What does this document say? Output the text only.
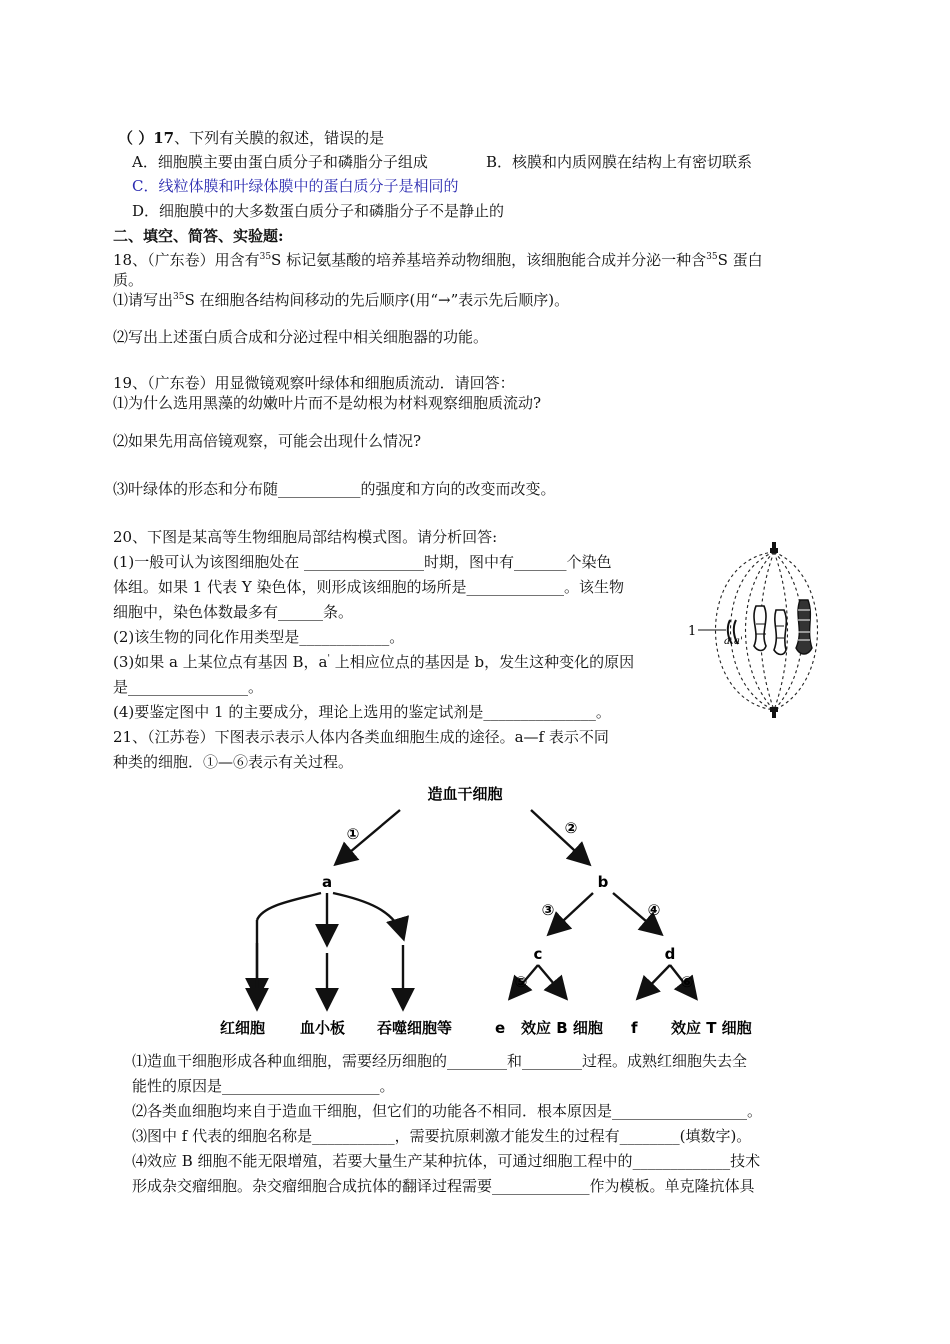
（ ）17、下列有关膜的叙述，错误的是
A．细胞膜主要由蛋白质分子和磷脂分子组成	B．核膜和内质网膜在结构上有密切联系
C．线粒体膜和叶绿体膜中的蛋白质分子是相同的
D．细胞膜中的大多数蛋白质分子和磷脂分子不是静止的
二、填空、简答、实验题:
18、（广东卷）用含有$^{35}$S 标记氨基酸的培养基培养动物细胞，该细胞能合成并分泌一种含$^{35}$S 蛋白
质。
⑴请写出$^{35}$S 在细胞各结构间移动的先后顺序(用“→”表示先后顺序)。
⑵写出上述蛋白质合成和分泌过程中相关细胞器的功能。
19、（广东卷）用显微镜观察叶绿体和细胞质流动．请回答：
⑴为什么选用黑藻的幼嫩叶片而不是幼根为材料观察细胞质流动?
⑵如果先用高倍镜观察，可能会出现什么情况?
⑶叶绿体的形态和分布随___________的强度和方向的改变而改变。
20、下图是某高等生物细胞局部结构模式图。请分析回答:
(1)一般可认为该图细胞处在 ________________时期，图中有_______个染色
体组。如果 1 代表 Y 染色体，则形成该细胞的场所是_____________。该生物
细胞中，染色体数最多有______条。
(2)该生物的同化作用类型是____________。
(3)如果 a 上某位点有基因 B，a' 上相应位点的基因是 b，发生这种变化的原因
是________________。
(4)要鉴定图中 1 的主要成分，理论上选用的鉴定试剂是_______________。
1
a a'
21、（江苏卷）下图表示表示人体内各类血细胞生成的途径。a—f 表示不同
种类的细胞．①—⑥表示有关过程。
造血干细胞
a	b
c	d
①	②
③	④
⑤	⑥
红细胞 血小板 吞噬细胞等	e 效应 B 细胞 f 效应 T 细胞
⑴造血干细胞形成各种血细胞，需要经历细胞的________和________过程。成熟红细胞失去全
能性的原因是_____________________。
⑵各类血细胞均来自于造血干细胞，但它们的功能各不相同．根本原因是__________________。
⑶图中 f 代表的细胞名称是___________，需要抗原刺激才能发生的过程有________(填数字)。
⑷效应 B 细胞不能无限增殖，若要大量生产某种抗体，可通过细胞工程中的_____________技术
形成杂交瘤细胞。杂交瘤细胞合成抗体的翻译过程需要_____________作为模板。单克隆抗体具
